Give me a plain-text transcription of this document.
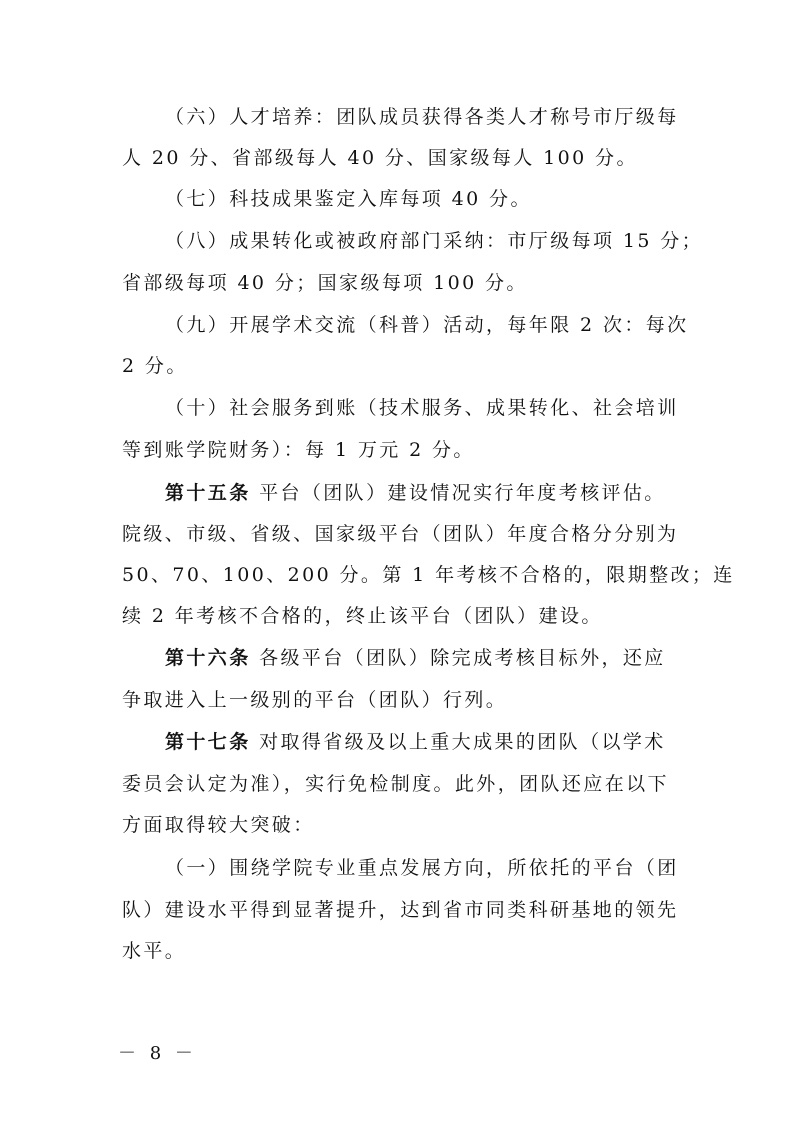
（六）人才培养：团队成员获得各类人才称号市厅级每
人 20 分、省部级每人 40 分、国家级每人 100 分。
（七）科技成果鉴定入库每项 40 分。
（八）成果转化或被政府部门采纳：市厅级每项 15 分；
省部级每项 40 分；国家级每项 100 分。
（九）开展学术交流（科普）活动，每年限 2 次：每次
2 分。
（十）社会服务到账（技术服务、成果转化、社会培训
等到账学院财务）：每 1 万元 2 分。
第十五条 平台（团队）建设情况实行年度考核评估。
院级、市级、省级、国家级平台（团队）年度合格分分别为
50、70、100、200 分。第 1 年考核不合格的，限期整改；连
续 2 年考核不合格的，终止该平台（团队）建设。
第十六条 各级平台（团队）除完成考核目标外，还应
争取进入上一级别的平台（团队）行列。
第十七条 对取得省级及以上重大成果的团队（以学术
委员会认定为准），实行免检制度。此外，团队还应在以下
方面取得较大突破：
（一）围绕学院专业重点发展方向，所依托的平台（团
队）建设水平得到显著提升，达到省市同类科研基地的领先
水平。
－ 8 －
